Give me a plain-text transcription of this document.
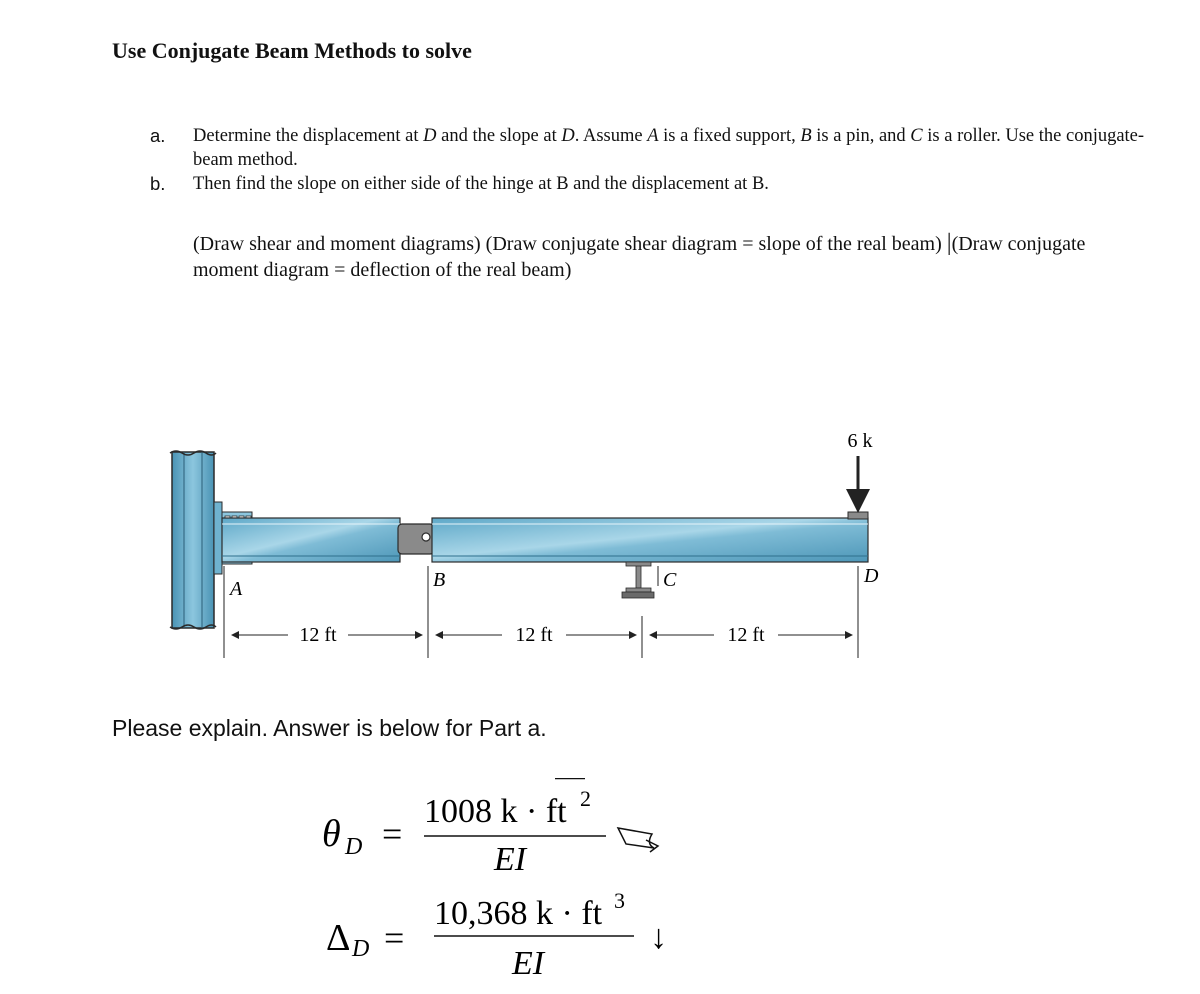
Use Conjugate Beam Methods to solve
a.	Determine the displacement at D and the slope at D. Assume A is a fixed support, B is a pin, and C is a roller. Use the conjugate-beam method.
b.	Then find the slope on either side of the hinge at B and the displacement at B.
(Draw shear and moment diagrams) (Draw conjugate shear diagram = slope of the real beam) |(Draw conjugate moment diagram = deflection of the real beam)
6 k
A	B	C	D
12 ft	12 ft	12 ft
Please explain. Answer is below for Part a.
θ D =
1008 k · ft 2
EI
Δ D =
10,368 k · ft 3
EI
↓
